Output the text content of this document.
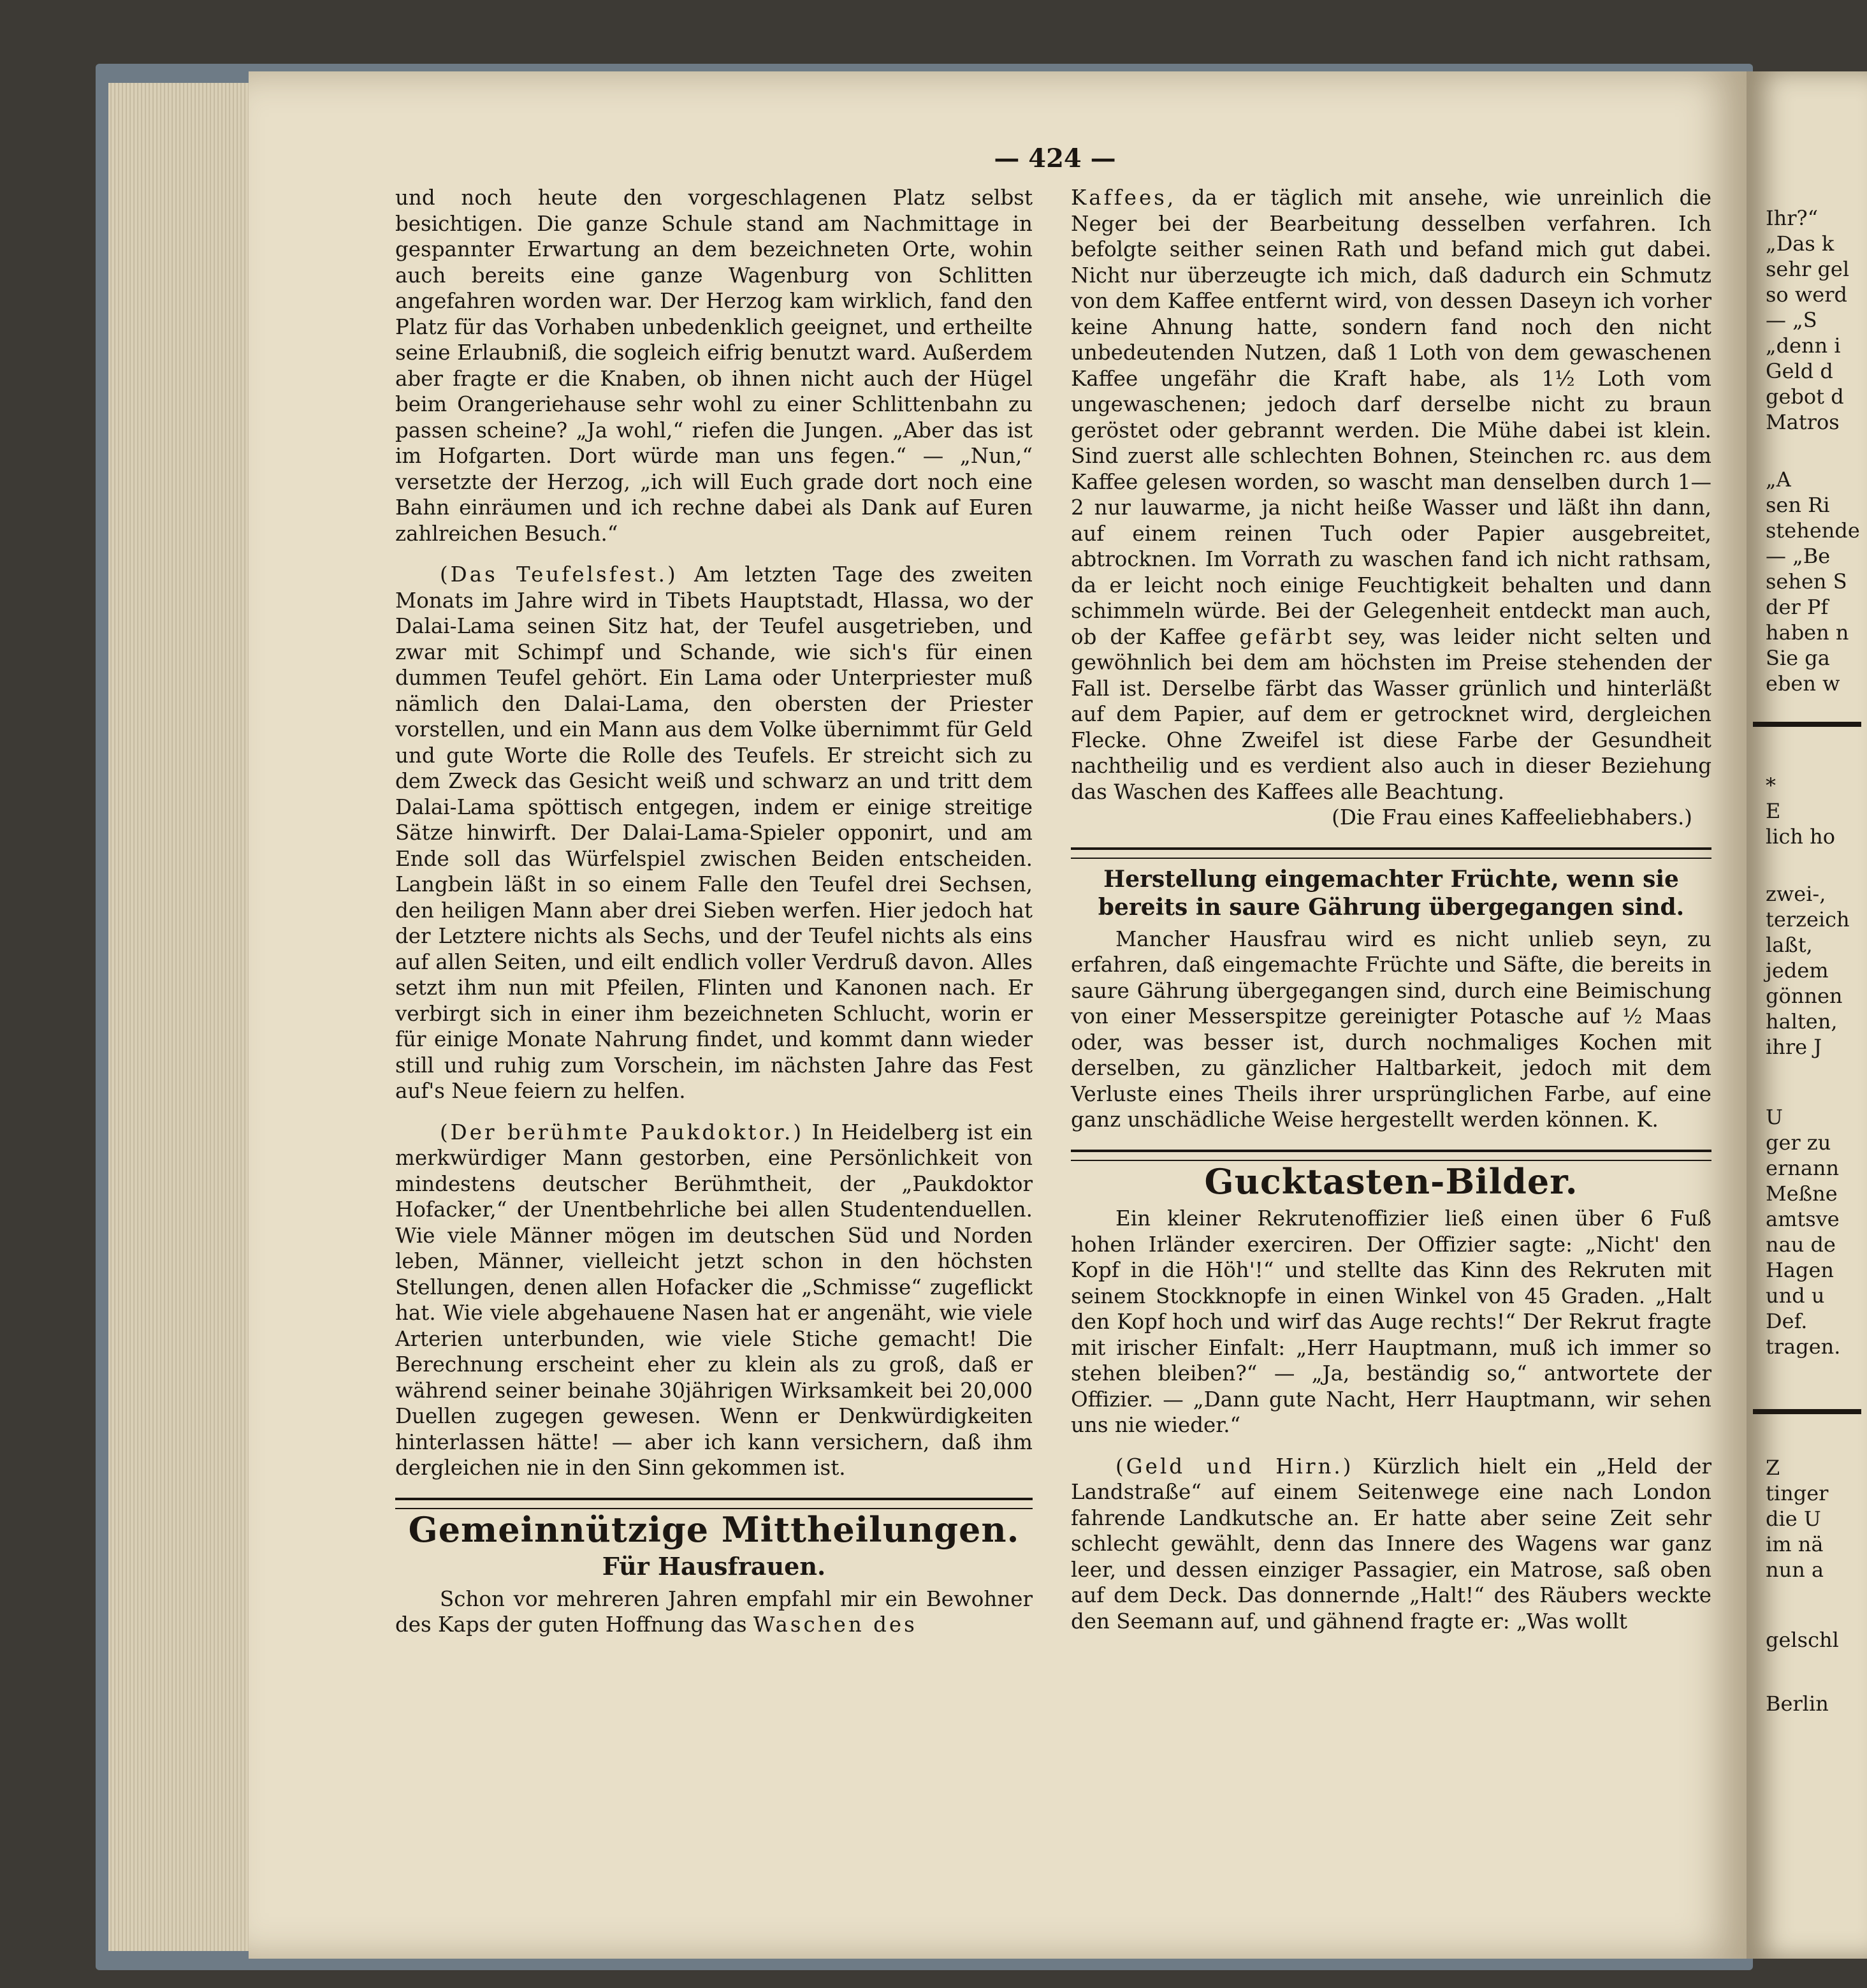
— 424 —

und noch heute den vorgeschlagenen Platz selbst besichtigen. Die ganze Schule stand am Nachmittage in gespannter Erwartung an dem bezeichneten Orte, wohin auch bereits eine ganze Wagenburg von Schlitten angefahren worden war. Der Herzog kam wirklich, fand den Platz für das Vorhaben unbedenklich geeignet, und ertheilte seine Erlaubniß, die sogleich eifrig benutzt ward. Außerdem aber fragte er die Knaben, ob ihnen nicht auch der Hügel beim Orangeriehause sehr wohl zu einer Schlittenbahn zu passen scheine? „Ja wohl,“ riefen die Jungen. „Aber das ist im Hofgarten. Dort würde man uns fegen.“ — „Nun,“ versetzte der Herzog, „ich will Euch grade dort noch eine Bahn einräumen und ich rechne dabei als Dank auf Euren zahlreichen Besuch.“

(Das Teufelsfest.) Am letzten Tage des zweiten Monats im Jahre wird in Tibets Hauptstadt, Hlassa, wo der Dalai-Lama seinen Sitz hat, der Teufel ausgetrieben, und zwar mit Schimpf und Schande, wie sich's für einen dummen Teufel gehört. Ein Lama oder Unterpriester muß nämlich den Dalai-Lama, den obersten der Priester vorstellen, und ein Mann aus dem Volke übernimmt für Geld und gute Worte die Rolle des Teufels. Er streicht sich zu dem Zweck das Gesicht weiß und schwarz an und tritt dem Dalai-Lama spöttisch entgegen, indem er einige streitige Sätze hinwirft. Der Dalai-Lama-Spieler opponirt, und am Ende soll das Würfelspiel zwischen Beiden entscheiden. Langbein läßt in so einem Falle den Teufel drei Sechsen, den heiligen Mann aber drei Sieben werfen. Hier jedoch hat der Letztere nichts als Sechs, und der Teufel nichts als eins auf allen Seiten, und eilt endlich voller Verdruß davon. Alles setzt ihm nun mit Pfeilen, Flinten und Kanonen nach. Er verbirgt sich in einer ihm bezeichneten Schlucht, worin er für einige Monate Nahrung findet, und kommt dann wieder still und ruhig zum Vorschein, im nächsten Jahre das Fest auf's Neue feiern zu helfen.

(Der berühmte Paukdoktor.) In Heidelberg ist ein merkwürdiger Mann gestorben, eine Persönlichkeit von mindestens deutscher Berühmtheit, der „Paukdoktor Hofacker,“ der Unentbehrliche bei allen Studentenduellen. Wie viele Männer mögen im deutschen Süd und Norden leben, Männer, vielleicht jetzt schon in den höchsten Stellungen, denen allen Hofacker die „Schmisse“ zugeflickt hat. Wie viele abgehauene Nasen hat er angenäht, wie viele Arterien unterbunden, wie viele Stiche gemacht! Die Berechnung erscheint eher zu klein als zu groß, daß er während seiner beinahe 30jährigen Wirksamkeit bei 20,000 Duellen zugegen gewesen. Wenn er Denkwürdigkeiten hinterlassen hätte! — aber ich kann versichern, daß ihm dergleichen nie in den Sinn gekommen ist.

Gemeinnützige Mittheilungen.
Für Hausfrauen.

Schon vor mehreren Jahren empfahl mir ein Bewohner des Kaps der guten Hoffnung das Waschen des

Kaffees, da er täglich mit ansehe, wie unreinlich die Neger bei der Bearbeitung desselben verfahren. Ich befolgte seither seinen Rath und befand mich gut dabei. Nicht nur überzeugte ich mich, daß dadurch ein Schmutz von dem Kaffee entfernt wird, von dessen Daseyn ich vorher keine Ahnung hatte, sondern fand noch den nicht unbedeutenden Nutzen, daß 1 Loth von dem gewaschenen Kaffee ungefähr die Kraft habe, als 1½ Loth vom ungewaschenen; jedoch darf derselbe nicht zu braun geröstet oder gebrannt werden. Die Mühe dabei ist klein. Sind zuerst alle schlechten Bohnen, Steinchen rc. aus dem Kaffee gelesen worden, so wascht man denselben durch 1—2 nur lauwarme, ja nicht heiße Wasser und läßt ihn dann, auf einem reinen Tuch oder Papier ausgebreitet, abtrocknen. Im Vorrath zu waschen fand ich nicht rathsam, da er leicht noch einige Feuchtigkeit behalten und dann schimmeln würde. Bei der Gelegenheit entdeckt man auch, ob der Kaffee gefärbt sey, was leider nicht selten und gewöhnlich bei dem am höchsten im Preise stehenden der Fall ist. Derselbe färbt das Wasser grünlich und hinterläßt auf dem Papier, auf dem er getrocknet wird, dergleichen Flecke. Ohne Zweifel ist diese Farbe der Gesundheit nachtheilig und es verdient also auch in dieser Beziehung das Waschen des Kaffees alle Beachtung.

(Die Frau eines Kaffeeliebhabers.)
Herstellung eingemachter Früchte, wenn sie bereits in saure Gährung übergegangen sind.

Mancher Hausfrau wird es nicht unlieb seyn, zu erfahren, daß eingemachte Früchte und Säfte, die bereits in saure Gährung übergegangen sind, durch eine Beimischung von einer Messerspitze gereinigter Potasche auf ½ Maas oder, was besser ist, durch nochmaliges Kochen mit derselben, zu gänzlicher Haltbarkeit, jedoch mit dem Verluste eines Theils ihrer ursprünglichen Farbe, auf eine ganz unschädliche Weise hergestellt werden können. K.

Gucktasten-Bilder.

Ein kleiner Rekrutenoffizier ließ einen über 6 Fuß hohen Irländer exerciren. Der Offizier sagte: „Nicht' den Kopf in die Höh'!“ und stellte das Kinn des Rekruten mit seinem Stockknopfe in einen Winkel von 45 Graden. „Halt den Kopf hoch und wirf das Auge rechts!“ Der Rekrut fragte mit irischer Einfalt: „Herr Hauptmann, muß ich immer so stehen bleiben?“ — „Ja, beständig so,“ antwortete der Offizier. — „Dann gute Nacht, Herr Hauptmann, wir sehen uns nie wieder.“

(Geld und Hirn.) Kürzlich hielt ein „Held der Landstraße“ auf einem Seitenwege eine nach London fahrende Landkutsche an. Er hatte aber seine Zeit sehr schlecht gewählt, denn das Innere des Wagens war ganz leer, und dessen einziger Passagier, ein Matrose, saß oben auf dem Deck. Das donnernde „Halt!“ des Räubers weckte den Seemann auf, und gähnend fragte er: „Was wollt

Ihr?“
„Das k
sehr gel
so werd
— „S
„denn i
Geld d
gebot d
Matros
„A
sen Ri
stehende
— „Be
sehen S
der Pf
haben n
Sie ga
eben w
*
E
lich ho
zwei-,
terzeich
laßt,
jedem
gönnen
halten,
ihre J
U
ger zu
ernann
Meßne
amtsve
nau de
Hagen
und u
Def.
tragen.
Z
tinger
die U
im nä
nun a
gelschl
Berlin
